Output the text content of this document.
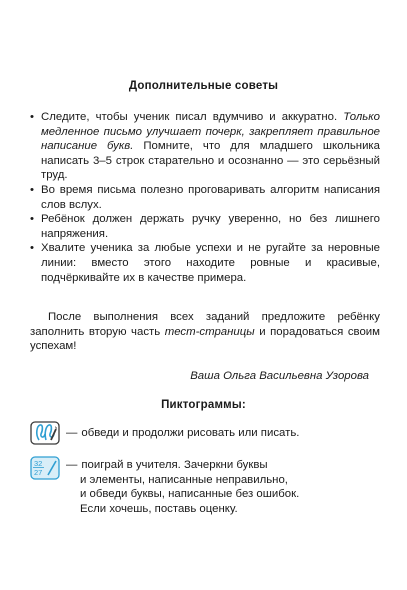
Дополнительные советы
• Следите, чтобы ученик писал вдумчиво и аккуратно. Только медленное письмо улучшает почерк, закрепляет правильное написание букв. Помните, что для младшего школьника написать 3–5 строк старательно и осознанно — это серьёзный труд.
• Во время письма полезно проговаривать алгоритм написания слов вслух.
• Ребёнок должен держать ручку уверенно, но без лишнего напряжения.
• Хвалите ученика за любые успехи и не ругайте за неровные линии: вместо этого находите ровные и красивые, подчёркивайте их в качестве примера.
После выполнения всех заданий предложите ребёнку заполнить вторую часть тест-страницы и порадоваться своим успехам!
Ваша Ольга Васильевна Узорова
Пиктограммы:
— обведи и продолжи рисовать или писать.
32
27
— поиграй в учителя. Зачеркни буквы
и элементы, написанные неправильно,
и обведи буквы, написанные без ошибок.
Если хочешь, поставь оценку.
